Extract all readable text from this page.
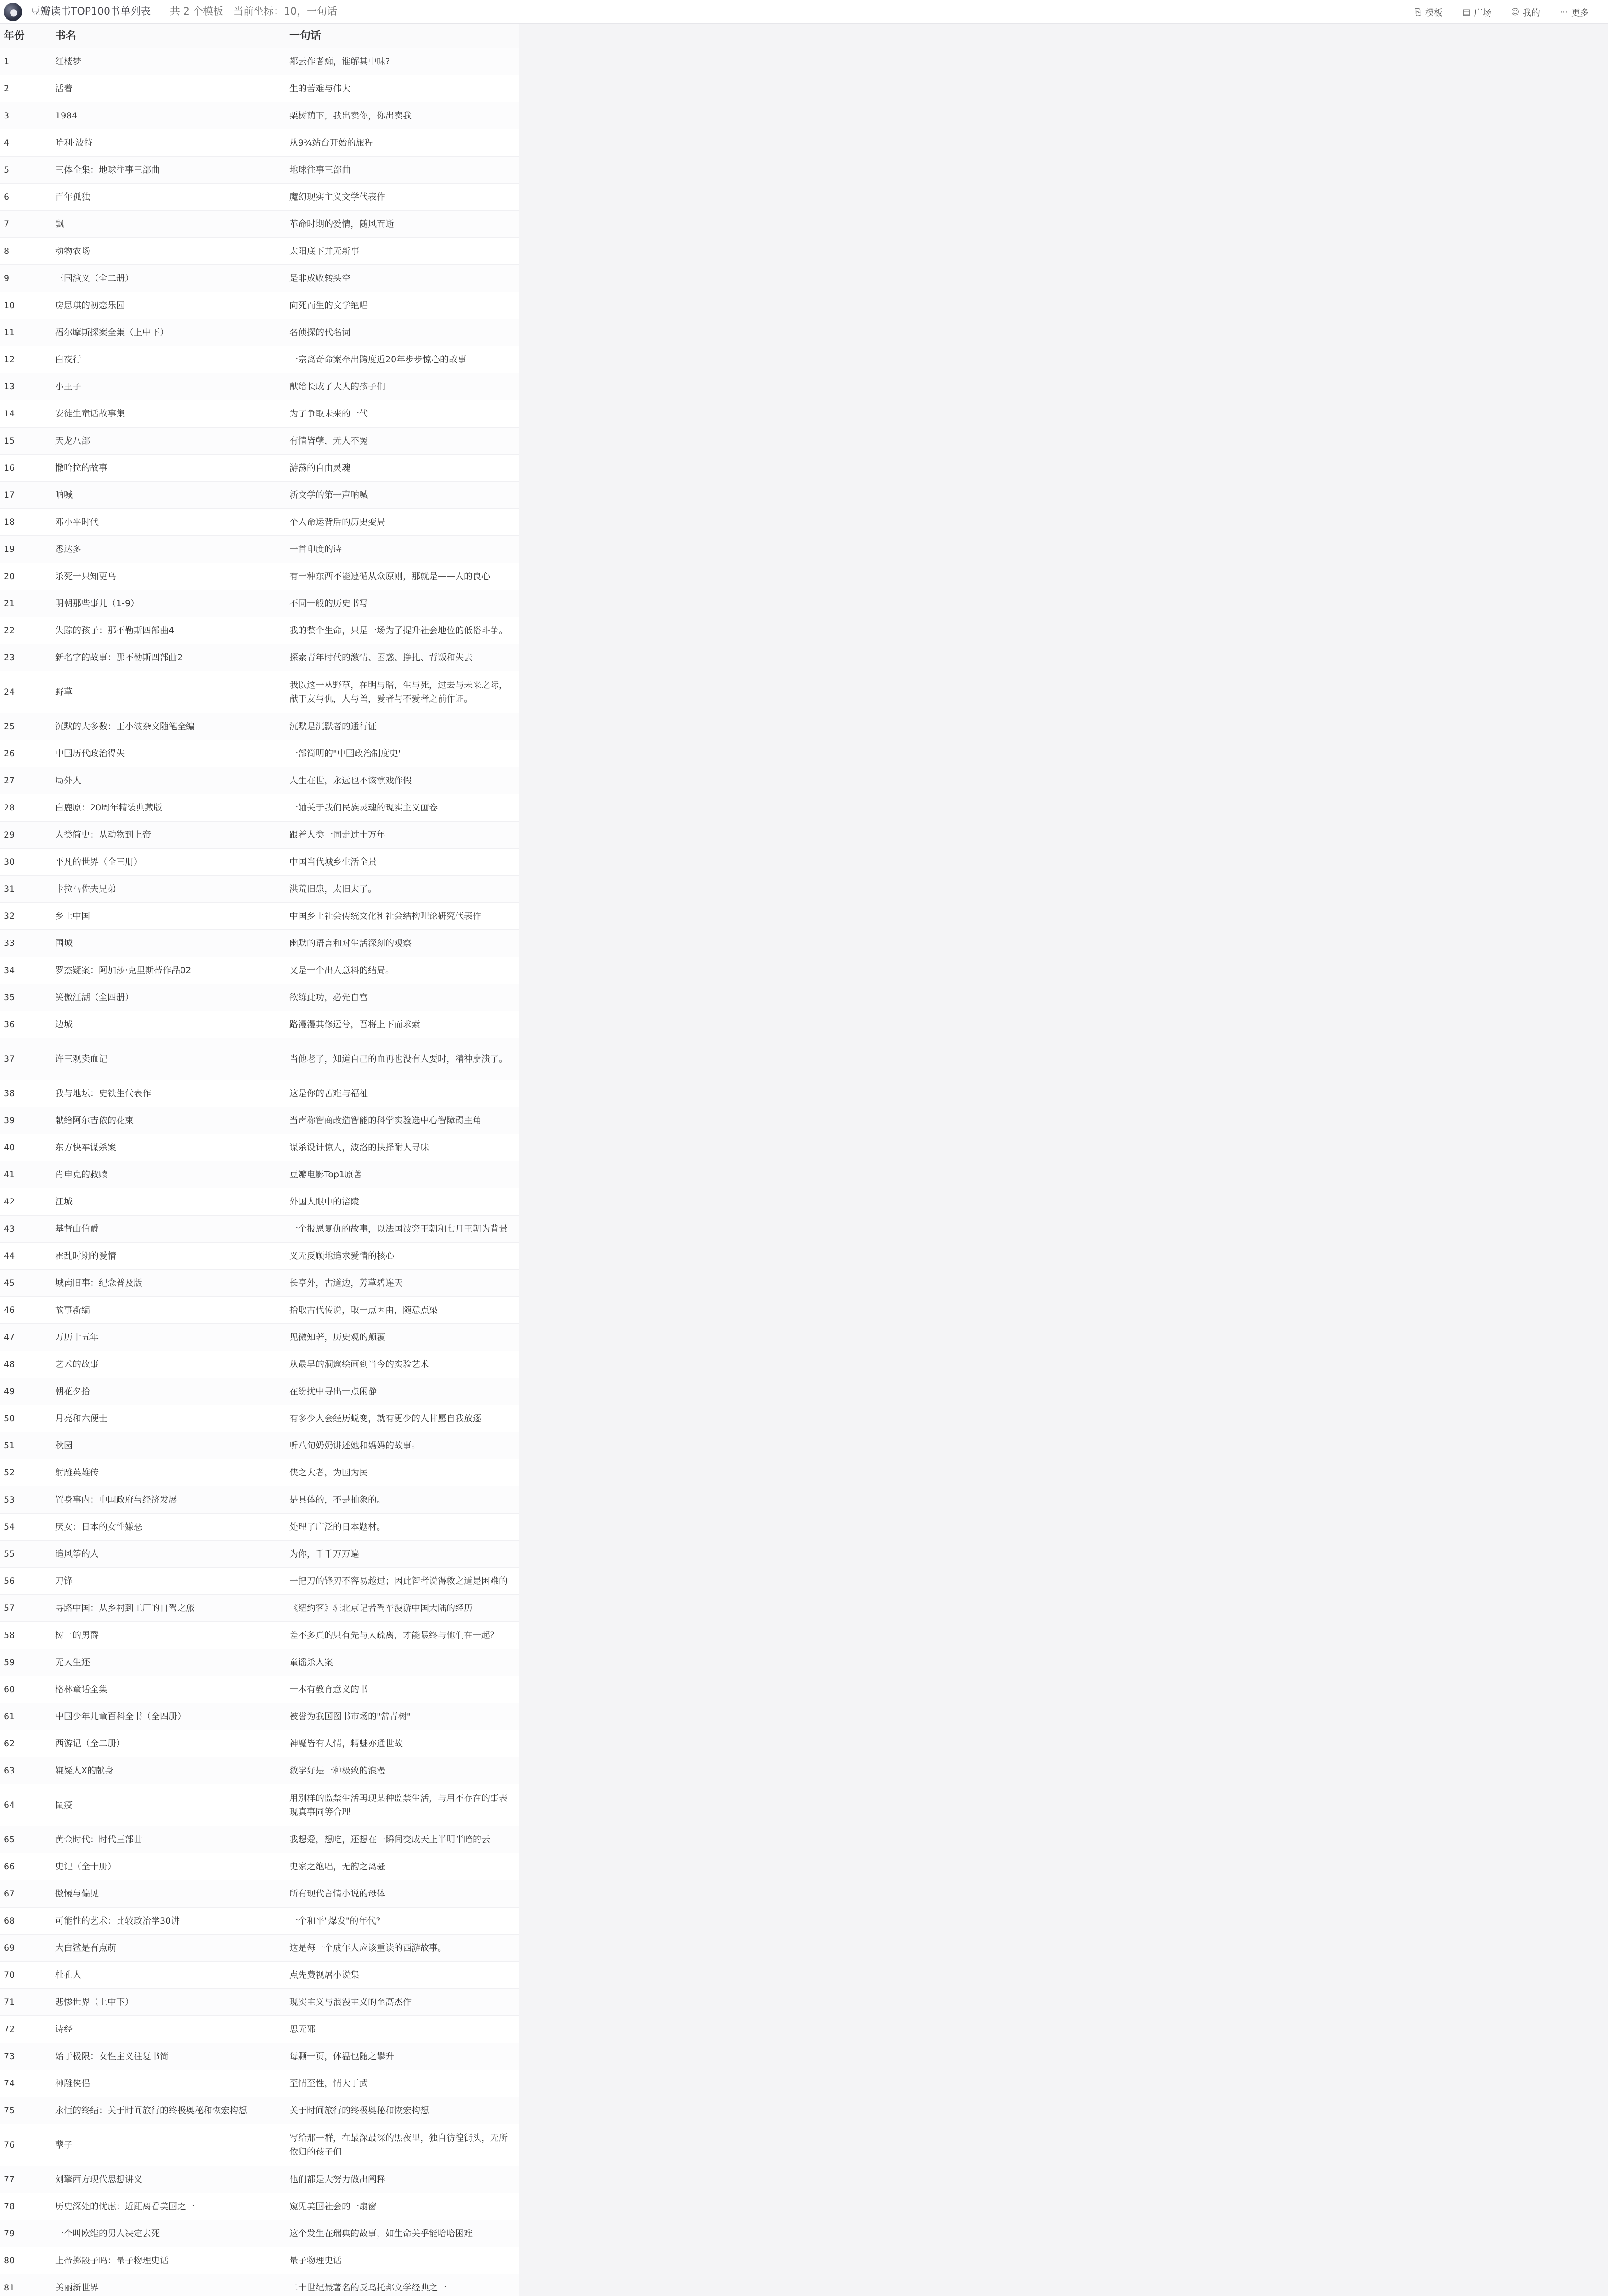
● 豆瓣读书TOP100书单列表 共 2 个模板 当前坐标：10，一句话	⎘ 模板 ▤ 广场 ☺ 我的 ⋯ 更多
年份	书名	一句话
1	红楼梦	都云作者痴，谁解其中味?
2	活着	生的苦难与伟大
3	1984	栗树荫下，我出卖你，你出卖我
4	哈利·波特	从9¾站台开始的旅程
5	三体全集：地球往事三部曲	地球往事三部曲
6	百年孤独	魔幻现实主义文学代表作
7	飘	革命时期的爱情，随风而逝
8	动物农场	太阳底下并无新事
9	三国演义（全二册）	是非成败转头空
10	房思琪的初恋乐园	向死而生的文学绝唱
11	福尔摩斯探案全集（上中下）	名侦探的代名词
12	白夜行	一宗离奇命案牵出跨度近20年步步惊心的故事
13	小王子	献给长成了大人的孩子们
14	安徒生童话故事集	为了争取未来的一代
15	天龙八部	有情皆孽，无人不冤
16	撒哈拉的故事	游荡的自由灵魂
17	呐喊	新文学的第一声呐喊
18	邓小平时代	个人命运背后的历史变局
19	悉达多	一首印度的诗
20	杀死一只知更鸟	有一种东西不能遵循从众原则，那就是——人的良心
21	明朝那些事儿（1-9）	不同一般的历史书写
22	失踪的孩子：那不勒斯四部曲4	我的整个生命，只是一场为了提升社会地位的低俗斗争。
23	新名字的故事：那不勒斯四部曲2	探索青年时代的激情、困惑、挣扎、背叛和失去
24	野草
我以这一丛野草，在明与暗，生与死，过去与未来之际，献于友与仇，人与兽，爱者与不爱者之前作证。
25	沉默的大多数：王小波杂文随笔全编	沉默是沉默者的通行证
26	中国历代政治得失	一部简明的"中国政治制度史"
27	局外人	人生在世，永远也不该演戏作假
28	白鹿原：20周年精装典藏版	一轴关于我们民族灵魂的现实主义画卷
29	人类简史：从动物到上帝	跟着人类一同走过十万年
30	平凡的世界（全三册）	中国当代城乡生活全景
31	卡拉马佐夫兄弟	洪荒旧患，太旧太了。
32	乡土中国	中国乡土社会传统文化和社会结构理论研究代表作
33	围城	幽默的语言和对生活深刻的观察
34	罗杰疑案：阿加莎·克里斯蒂作品02	又是一个出人意料的结局。
35	笑傲江湖（全四册）	欲练此功，必先自宫
36	边城	路漫漫其修远兮，吾将上下而求索
37	许三观卖血记	当他老了，知道自己的血再也没有人要时，精神崩溃了。
38	我与地坛：史铁生代表作	这是你的苦难与福祉
39	献给阿尔吉侬的花束	当声称智商改造智能的科学实验选中心智障碍主角
40	东方快车谋杀案	谋杀设计惊人，波洛的抉择耐人寻味
41	肖申克的救赎	豆瓣电影Top1原著
42	江城	外国人眼中的涪陵
43	基督山伯爵	一个报恩复仇的故事，以法国波旁王朝和七月王朝为背景
44	霍乱时期的爱情	义无反顾地追求爱情的核心
45	城南旧事：纪念普及版	长亭外，古道边，芳草碧连天
46	故事新编	拾取古代传说，取一点因由，随意点染
47	万历十五年	见微知著，历史观的颠覆
48	艺术的故事	从最早的洞窟绘画到当今的实验艺术
49	朝花夕拾	在纷扰中寻出一点闲静
50	月亮和六便士	有多少人会经历蜕变，就有更少的人甘愿自我放逐
51	秋园	听八旬奶奶讲述她和妈妈的故事。
52	射雕英雄传	侠之大者，为国为民
53	置身事内：中国政府与经济发展	是具体的，不是抽象的。
54	厌女：日本的女性嫌恶	处理了广泛的日本题材。
55	追风筝的人	为你，千千万万遍
56	刀锋	一把刀的锋刃不容易越过；因此智者说得救之道是困难的
57	寻路中国：从乡村到工厂的自驾之旅	《纽约客》驻北京记者驾车漫游中国大陆的经历
58	树上的男爵	差不多真的只有先与人疏离，才能最终与他们在一起？
59	无人生还	童谣杀人案
60	格林童话全集	一本有教育意义的书
61	中国少年儿童百科全书（全四册）	被誉为我国图书市场的"常青树"
62	西游记（全二册）	神魔皆有人情，精魅亦通世故
63	嫌疑人X的献身	数学好是一种极致的浪漫
64	鼠疫
用别样的监禁生活再现某种监禁生活，与用不存在的事表现真事同等合理
65	黄金时代：时代三部曲	我想爱，想吃，还想在一瞬间变成天上半明半暗的云
66	史记（全十册）	史家之绝唱，无韵之离骚
67	傲慢与偏见	所有现代言情小说的母体
68	可能性的艺术：比较政治学30讲	一个和平"爆发"的年代?
69	大白鲨是有点萌	这是每一个成年人应该重读的西游故事。
70	杜孔人	点先费视屠小说集
71	悲惨世界（上中下）	现实主义与浪漫主义的至高杰作
72	诗经	思无邪
73	始于极限：女性主义往复书简	每颗一页，体温也随之攀升
74	神雕侠侣	至情至性，情大于武
75	永恒的终结：关于时间旅行的终极奥秘和恢宏构想	关于时间旅行的终极奥秘和恢宏构想
76	孽子
写给那一群，在最深最深的黑夜里，独自彷徨街头，无所依归的孩子们
77	刘擎西方现代思想讲义	他们都是大努力做出阐释
78	历史深处的忧虑：近距离看美国之一	窥见美国社会的一扇窗
79	一个叫欧维的男人决定去死	这个发生在瑞典的故事，如生命关乎能哈哈困难
80	上帝掷骰子吗：量子物理史话	量子物理史话
81	美丽新世界	二十世纪最著名的反乌托邦文学经典之一
